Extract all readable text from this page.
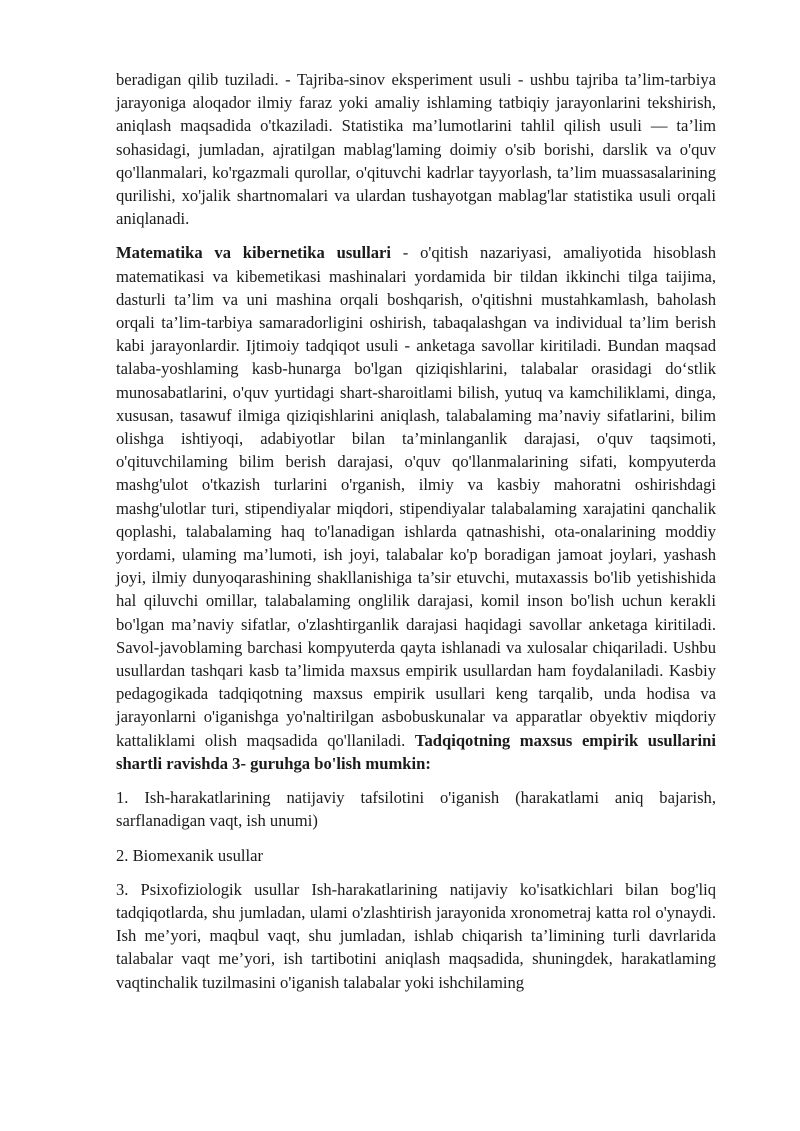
beradigan qilib tuziladi. - Tajriba-sinov eksperiment usuli - ushbu tajriba ta’lim-tarbiya jarayoniga aloqador ilmiy faraz yoki amaliy ishlaming tatbiqiy jarayonlarini tekshirish, aniqlash maqsadida o'tkaziladi. Statistika ma’lumotlarini tahlil qilish usuli — ta’lim sohasidagi, jumladan, ajratilgan mablag'laming doimiy o'sib borishi, darslik va o'quv qo'llanmalari, ko'rgazmali qurollar, o'qituvchi kadrlar tayyorlash, ta’lim muassasalarining qurilishi, xo'jalik shartnomalari va ulardan tushayotgan mablag'lar statistika usuli orqali aniqlanadi.

Matematika va kibernetika usullari - o'qitish nazariyasi, amaliyotida hisoblash matematikasi va kibemetikasi mashinalari yordamida bir tildan ikkinchi tilga taijima, dasturli ta’lim va uni mashina orqali boshqarish, o'qitishni mustahkamlash, baholash orqali ta’lim-tarbiya samaradorligini oshirish, tabaqalashgan va individual ta’lim berish kabi jarayonlardir. Ijtimoiy tadqiqot usuli - anketaga savollar kiritiladi. Bundan maqsad talaba-yoshlaming kasb-hunarga bo'lgan qiziqishlarini, talabalar orasidagi do‘stlik munosabatlarini, o'quv yurtidagi shart-sharoitlami bilish, yutuq va kamchiliklami, dinga, xususan, tasawuf ilmiga qiziqishlarini aniqlash, talabalaming ma’naviy sifatlarini, bilim olishga ishtiyoqi, adabiyotlar bilan ta’minlanganlik darajasi, o'quv taqsimoti, o'qituvchilaming bilim berish darajasi, o'quv qo'llanmalarining sifati, kompyuterda mashg'ulot o'tkazish turlarini o'rganish, ilmiy va kasbiy mahoratni oshirishdagi mashg'ulotlar turi, stipendiyalar miqdori, stipendiyalar talabalaming xarajatini qanchalik qoplashi, talabalaming haq to'lanadigan ishlarda qatnashishi, ota-onalarining moddiy yordami, ulaming ma’lumoti, ish joyi, talabalar ko'p boradigan jamoat joylari, yashash joyi, ilmiy dunyoqarashining shakllanishiga ta’sir etuvchi, mutaxassis bo'lib yetishishida hal qiluvchi omillar, talabalaming onglilik darajasi, komil inson bo'lish uchun kerakli bo'lgan ma’naviy sifatlar, o'zlashtirganlik darajasi haqidagi savollar anketaga kiritiladi. Savol-javoblaming barchasi kompyuterda qayta ishlanadi va xulosalar chiqariladi. Ushbu usullardan tashqari kasb ta’limida maxsus empirik usullardan ham foydalaniladi. Kasbiy pedagogikada tadqiqotning maxsus empirik usullari keng tarqalib, unda hodisa va jarayonlarni o'iganishga yo'naltirilgan asbobuskunalar va apparatlar obyektiv miqdoriy kattaliklami olish maqsadida qo'llaniladi. Tadqiqotning maxsus empirik usullarini shartli ravishda 3- guruhga bo'lish mumkin:

1. Ish-harakatlarining natijaviy tafsilotini o'iganish (harakatlami aniq bajarish, sarflanadigan vaqt, ish unumi)

2. Biomexanik usullar

3. Psixofiziologik usullar Ish-harakatlarining natijaviy ko'isatkichlari bilan bog'liq tadqiqotlarda, shu jumladan, ulami o'zlashtirish jarayonida xronometraj katta rol o'ynaydi. Ish me’yori, maqbul vaqt, shu jumladan, ishlab chiqarish ta’limining turli davrlarida talabalar vaqt me’yori, ish tartibotini aniqlash maqsadida, shuningdek, harakatlaming vaqtinchalik tuzilmasini o'iganish talabalar yoki ishchilaming
